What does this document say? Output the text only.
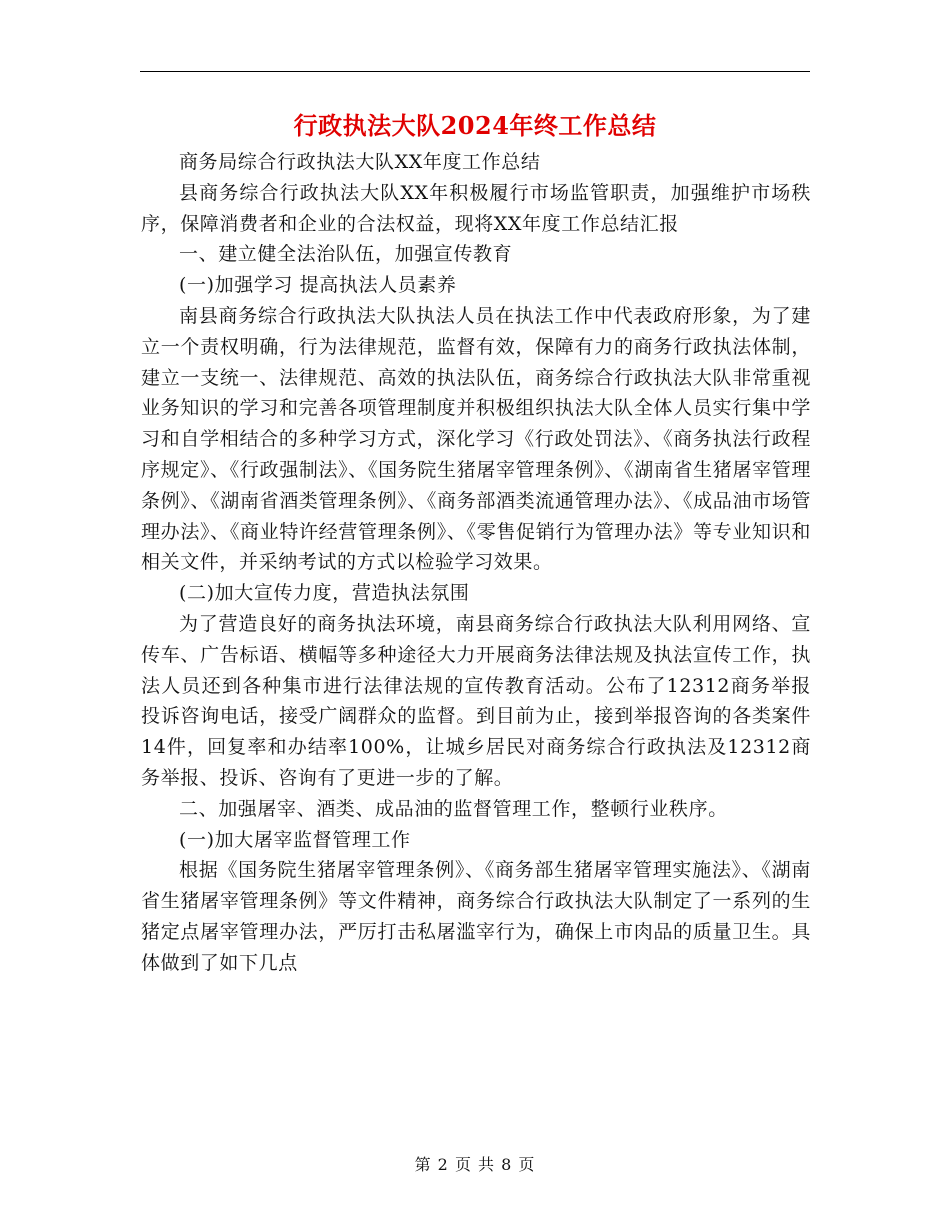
行政执法大队2024年终工作总结

商务局综合行政执法大队XX年度工作总结

县商务综合行政执法大队XX年积极履行市场监管职责，加强维护市场秩序，保障消费者和企业的合法权益，现将XX年度工作总结汇报

一、建立健全法治队伍，加强宣传教育

(一)加强学习 提高执法人员素养

南县商务综合行政执法大队执法人员在执法工作中代表政府形象，为了建立一个责权明确，行为法律规范，监督有效，保障有力的商务行政执法体制，建立一支统一、法律规范、高效的执法队伍，商务综合行政执法大队非常重视业务知识的学习和完善各项管理制度并积极组织执法大队全体人员实行集中学习和自学相结合的多种学习方式，深化学习《行政处罚法》、《商务执法行政程序规定》、《行政强制法》、《国务院生猪屠宰管理条例》、《湖南省生猪屠宰管理条例》、《湖南省酒类管理条例》、《商务部酒类流通管理办法》、《成品油市场管理办法》、《商业特许经营管理条例》、《零售促销行为管理办法》等专业知识和相关文件，并采纳考试的方式以检验学习效果。

(二)加大宣传力度，营造执法氛围

为了营造良好的商务执法环境，南县商务综合行政执法大队利用网络、宣传车、广告标语、横幅等多种途径大力开展商务法律法规及执法宣传工作，执法人员还到各种集市进行法律法规的宣传教育活动。公布了12312商务举报投诉咨询电话，接受广阔群众的监督。到目前为止，接到举报咨询的各类案件14件，回复率和办结率100%，让城乡居民对商务综合行政执法及12312商务举报、投诉、咨询有了更进一步的了解。

二、加强屠宰、酒类、成品油的监督管理工作，整顿行业秩序。

(一)加大屠宰监督管理工作

根据《国务院生猪屠宰管理条例》、《商务部生猪屠宰管理实施法》、《湖南省生猪屠宰管理条例》等文件精神，商务综合行政执法大队制定了一系列的生猪定点屠宰管理办法，严厉打击私屠滥宰行为，确保上市肉品的质量卫生。具体做到了如下几点

第 2 页 共 8 页
